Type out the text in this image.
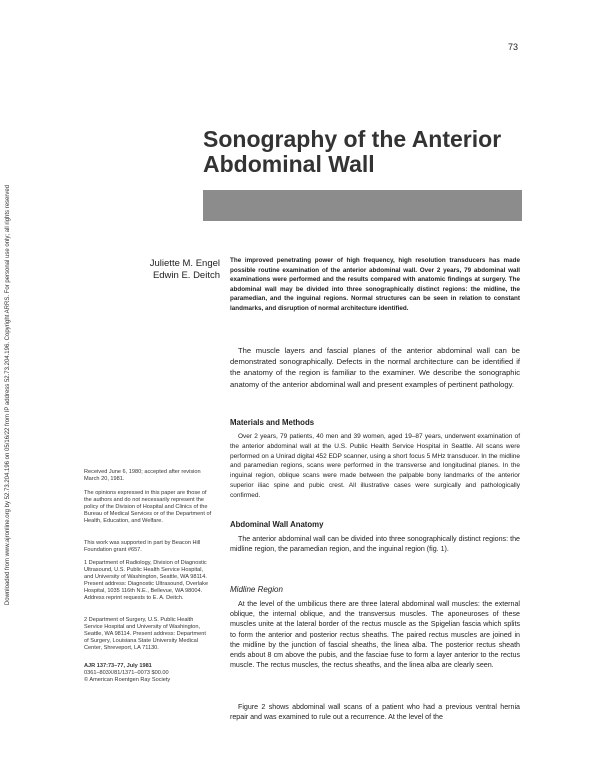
Downloaded from www.ajronline.org by 52.73.204.196 on 05/16/22 from IP address 52.73.204.196. Copyright ARRS. For personal use only; all rights reserved
73
Sonography of the Anterior
Abdominal Wall
Juliette M. Engel
Edwin E. Deitch
The improved penetrating power of high frequency, high resolution transducers has made possible routine examination of the anterior abdominal wall. Over 2 years, 79 abdominal wall examinations were performed and the results compared with anatomic findings at surgery. The abdominal wall may be divided into three sonographically distinct regions: the midline, the paramedian, and the inguinal regions. Normal structures can be seen in relation to constant landmarks, and disruption of normal architecture identified.
The muscle layers and fascial planes of the anterior abdominal wall can be demonstrated sonographically. Defects in the normal architecture can be identified if the anatomy of the region is familiar to the examiner. We describe the sonographic anatomy of the anterior abdominal wall and present examples of pertinent pathology.
Materials and Methods
Over 2 years, 79 patients, 40 men and 39 women, aged 19–87 years, underwent examination of the anterior abdominal wall at the U.S. Public Health Service Hospital in Seattle. All scans were performed on a Unirad digital 452 EDP scanner, using a short focus 5 MHz transducer. In the midline and paramedian regions, scans were performed in the transverse and longitudinal planes. In the inguinal region, oblique scans were made between the palpable bony landmarks of the anterior superior iliac spine and pubic crest. All illustrative cases were surgically and pathologically confirmed.
Abdominal Wall Anatomy
The anterior abdominal wall can be divided into three sonographically distinct regions: the midline region, the paramedian region, and the inguinal region (fig. 1).
Midline Region
At the level of the umbilicus there are three lateral abdominal wall muscles: the external oblique, the internal oblique, and the transversus muscles. The aponeuroses of these muscles unite at the lateral border of the rectus muscle as the Spigelian fascia which splits to form the anterior and posterior rectus sheaths. The paired rectus muscles are joined in the midline by the junction of fascial sheaths, the linea alba. The posterior rectus sheath ends about 8 cm above the pubis, and the fasciae fuse to form a layer anterior to the rectus muscle. The rectus muscles, the rectus sheaths, and the linea alba are clearly seen.
Figure 2 shows abdominal wall scans of a patient who had a previous ventral hernia repair and was examined to rule out a recurrence. At the level of the
Received June 6, 1980; accepted after revision March 20, 1981.
The opinions expressed in this paper are those of the authors and do not necessarily represent the policy of the Division of Hospital and Clinics of the Bureau of Medical Services or of the Department of Health, Education, and Welfare.
This work was supported in part by Beacon Hill Foundation grant #657.
1 Department of Radiology, Division of Diagnostic Ultrasound, U.S. Public Health Service Hospital, and University of Washington, Seattle, WA 98114. Present address: Diagnostic Ultrasound, Overlake Hospital, 1035 116th N.E., Bellevue, WA 98004. Address reprint requests to E. A. Deitch.
2 Department of Surgery, U.S. Public Health Service Hospital and University of Washington, Seattle, WA 98114. Present address: Department of Surgery, Louisiana State University Medical Center, Shreveport, LA 71130.
AJR 137:73–77, July 1981
0361–803X/81/1371–0073 $00.00
© American Roentgen Ray Society
